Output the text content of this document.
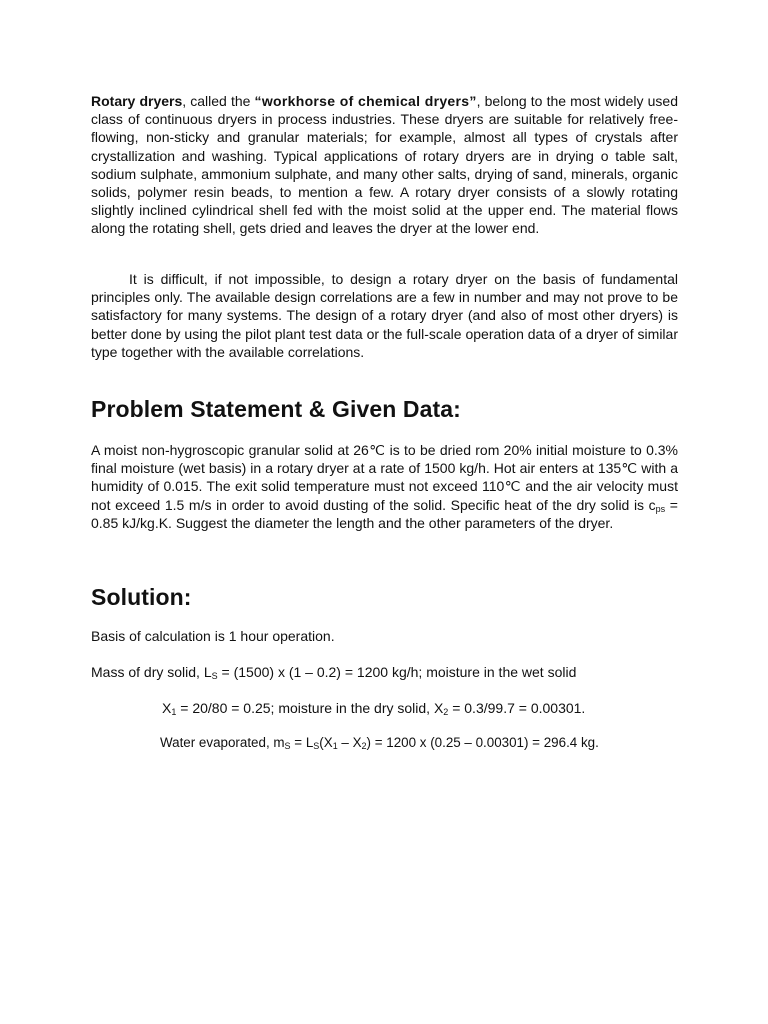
Rotary dryers, called the “workhorse of chemical dryers”, belong to the most widely used class of continuous dryers in process industries. These dryers are suitable for relatively free-flowing, non-sticky and granular materials; for example, almost all types of crystals after crystallization and washing. Typical applications of rotary dryers are in drying o table salt, sodium sulphate, ammonium sulphate, and many other salts, drying of sand, minerals, organic solids, polymer resin beads, to mention a few. A rotary dryer consists of a slowly rotating slightly inclined cylindrical shell fed with the moist solid at the upper end. The material flows along the rotating shell, gets dried and leaves the dryer at the lower end.

It is difficult, if not impossible, to design a rotary dryer on the basis of fundamental principles only. The available design correlations are a few in number and may not prove to be satisfactory for many systems. The design of a rotary dryer (and also of most other dryers) is better done by using the pilot plant test data or the full-scale operation data of a dryer of similar type together with the available correlations.

Problem Statement & Given Data:

A moist non-hygroscopic granular solid at 26℃ is to be dried rom 20% initial moisture to 0.3% final moisture (wet basis) in a rotary dryer at a rate of 1500 kg/h. Hot air enters at 135℃ with a humidity of 0.015. The exit solid temperature must not exceed 110℃ and the air velocity must not exceed 1.5 m/s in order to avoid dusting of the solid. Specific heat of the dry solid is $c_{ps} = 0.85$ kJ/kg.K. Suggest the diameter the length and the other parameters of the dryer.

Solution:

Basis of calculation is 1 hour operation.

Mass of dry solid, $L_S = (1500)$ x (1 – 0.2) = 1200 kg/h; moisture in the wet solid

$X_1 = 20/80 = 0.25$; moisture in the dry solid, $X_2 = 0.3/99.7 = 0.00301$.

Water evaporated, $m_S = L_S(X_1 - X_2) = 1200$ x (0.25 – 0.00301) = 296.4 kg.
